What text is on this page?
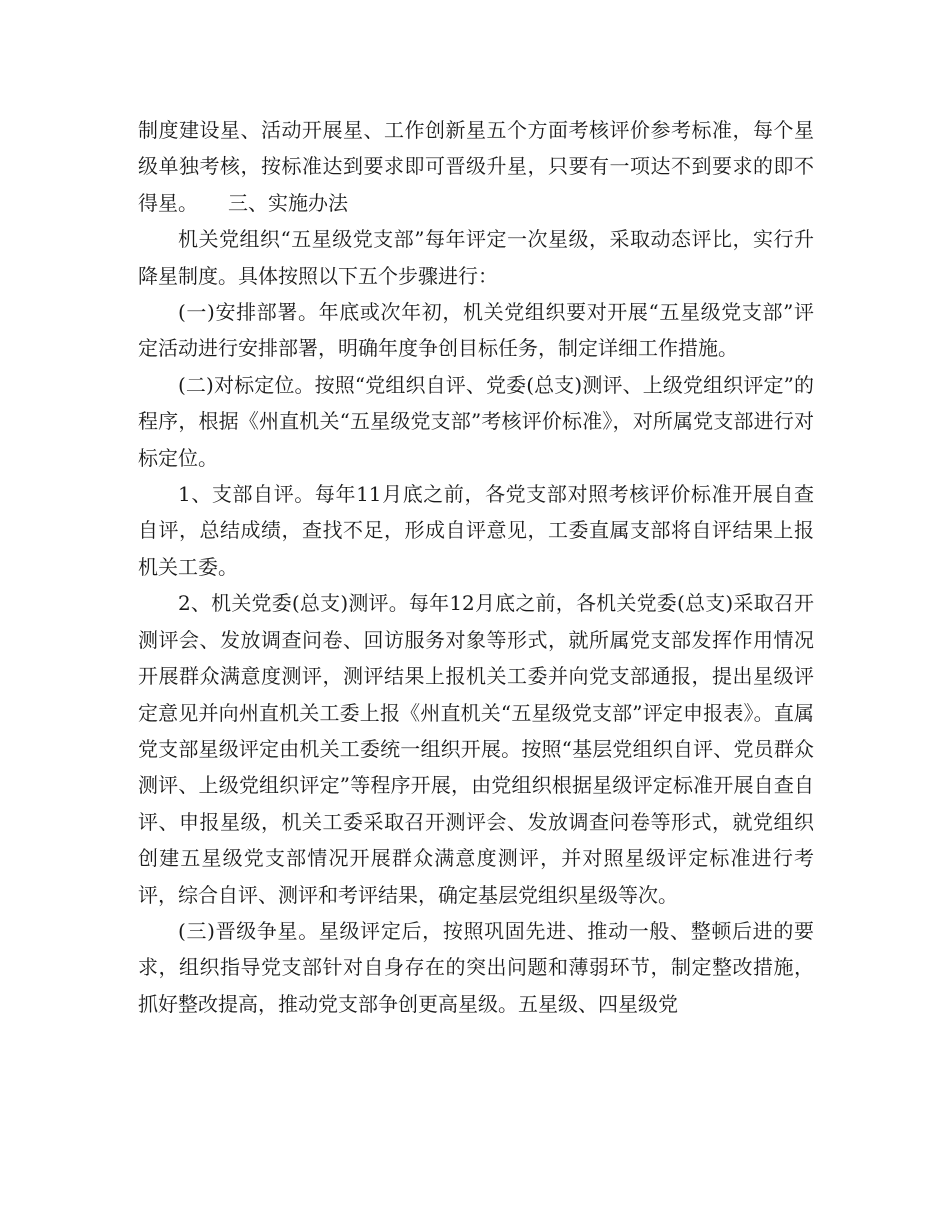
制度建设星、活动开展星、工作创新星五个方面考核评价参考标准，每个星级单独考核，按标准达到要求即可晋级升星，只要有一项达不到要求的即不得星。　　三、实施办法

机关党组织“五星级党支部”每年评定一次星级，采取动态评比，实行升降星制度。具体按照以下五个步骤进行：

(一)安排部署。年底或次年初，机关党组织要对开展“五星级党支部”评定活动进行安排部署，明确年度争创目标任务，制定详细工作措施。

(二)对标定位。按照“党组织自评、党委(总支)测评、上级党组织评定”的程序，根据《州直机关“五星级党支部”考核评价标准》，对所属党支部进行对标定位。

1、支部自评。每年11月底之前，各党支部对照考核评价标准开展自查自评，总结成绩，查找不足，形成自评意见，工委直属支部将自评结果上报机关工委。

2、机关党委(总支)测评。每年12月底之前，各机关党委(总支)采取召开测评会、发放调查问卷、回访服务对象等形式，就所属党支部发挥作用情况开展群众满意度测评，测评结果上报机关工委并向党支部通报，提出星级评定意见并向州直机关工委上报《州直机关“五星级党支部”评定申报表》。直属党支部星级评定由机关工委统一组织开展。按照“基层党组织自评、党员群众测评、上级党组织评定”等程序开展，由党组织根据星级评定标准开展自查自评、申报星级，机关工委采取召开测评会、发放调查问卷等形式，就党组织创建五星级党支部情况开展群众满意度测评，并对照星级评定标准进行考评，综合自评、测评和考评结果，确定基层党组织星级等次。

(三)晋级争星。星级评定后，按照巩固先进、推动一般、整顿后进的要求，组织指导党支部针对自身存在的突出问题和薄弱环节，制定整改措施，抓好整改提高，推动党支部争创更高星级。五星级、四星级党
